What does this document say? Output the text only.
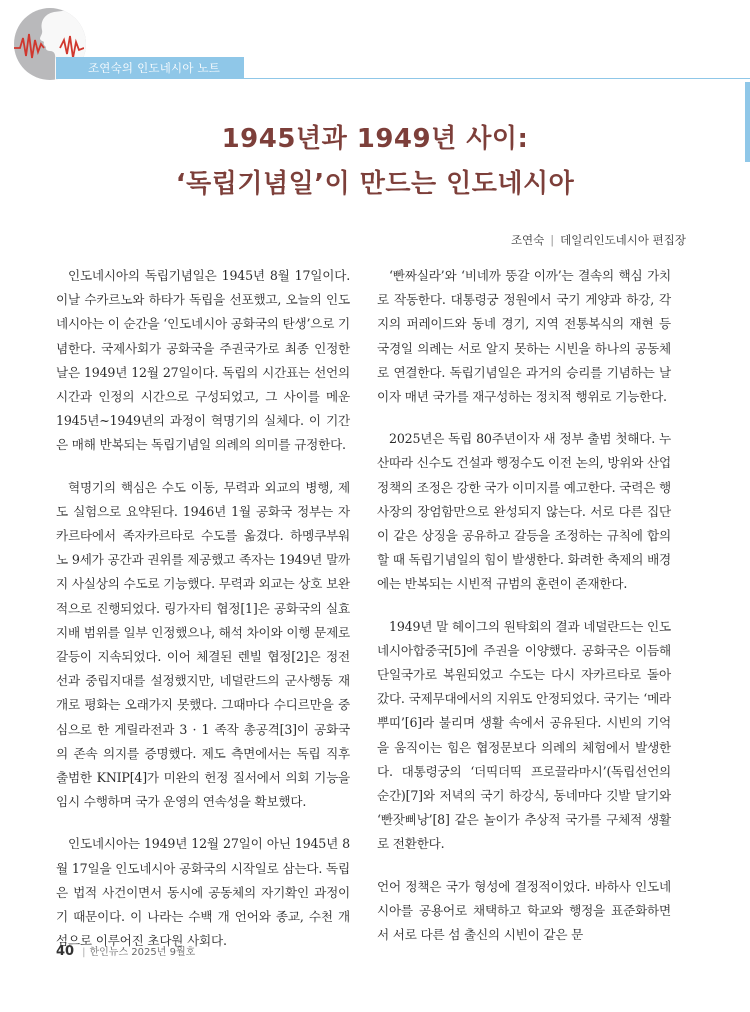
조연숙의 인도네시아 노트
1945년과 1949년 사이:
‘독립기념일’이 만드는 인도네시아
조연숙 | 데일리인도네시아 편집장

인도네시아의 독립기념일은 1945년 8월 17일이다. 이날 수카르노와 하타가 독립을 선포했고, 오늘의 인도네시아는 이 순간을 ‘인도네시아 공화국의 탄생’으로 기념한다. 국제사회가 공화국을 주권국가로 최종 인정한 날은 1949년 12월 27일이다. 독립의 시간표는 선언의 시간과 인정의 시간으로 구성되었고, 그 사이를 메운 1945년~1949년의 과정이 혁명기의 실체다. 이 기간은 매해 반복되는 독립기념일 의례의 의미를 규정한다.

혁명기의 핵심은 수도 이동, 무력과 외교의 병행, 제도 실험으로 요약된다. 1946년 1월 공화국 정부는 자카르타에서 족자카르타로 수도를 옮겼다. 하멩쿠부워노 9세가 공간과 권위를 제공했고 족자는 1949년 말까지 사실상의 수도로 기능했다. 무력과 외교는 상호 보완적으로 진행되었다. 링가자티 협정[1]은 공화국의 실효 지배 범위를 일부 인정했으나, 해석 차이와 이행 문제로 갈등이 지속되었다. 이어 체결된 렌빌 협정[2]은 정전선과 중립지대를 설정했지만, 네덜란드의 군사행동 재개로 평화는 오래가지 못했다. 그때마다 수디르만을 중심으로 한 게릴라전과 3 · 1 족작 총공격[3]이 공화국의 존속 의지를 증명했다. 제도 측면에서는 독립 직후 출범한 KNIP[4]가 미완의 헌정 질서에서 의회 기능을 임시 수행하며 국가 운영의 연속성을 확보했다.

인도네시아는 1949년 12월 27일이 아닌 1945년 8월 17일을 인도네시아 공화국의 시작일로 삼는다. 독립은 법적 사건이면서 동시에 공동체의 자기확인 과정이기 때문이다. 이 나라는 수백 개 언어와 종교, 수천 개 섬으로 이루어진 초다원 사회다.

‘빤짜실라’와 ‘비네까 뚱갈 이까’는 결속의 핵심 가치로 작동한다. 대통령궁 정원에서 국기 게양과 하강, 각지의 퍼레이드와 동네 경기, 지역 전통복식의 재현 등 국경일 의례는 서로 알지 못하는 시빈을 하나의 공동체로 연결한다. 독립기념일은 과거의 승리를 기념하는 날이자 매년 국가를 재구성하는 정치적 행위로 기능한다.

2025년은 독립 80주년이자 새 정부 출범 첫해다. 누산따라 신수도 건설과 행정수도 이전 논의, 방위와 산업 정책의 조정은 강한 국가 이미지를 예고한다. 국력은 행사장의 장엄함만으로 완성되지 않는다. 서로 다른 집단이 같은 상징을 공유하고 갈등을 조정하는 규칙에 합의할 때 독립기념일의 힘이 발생한다. 화려한 축제의 배경에는 반복되는 시빈적 규범의 훈련이 존재한다.

1949년 말 헤이그의 원탁회의 결과 네덜란드는 인도네시아합중국[5]에 주권을 이양했다. 공화국은 이듬해 단일국가로 복원되었고 수도는 다시 자카르타로 돌아갔다. 국제무대에서의 지위도 안정되었다. 국기는 ‘메라 뿌띠’[6]라 불리며 생활 속에서 공유된다. 시빈의 기억을 움직이는 힘은 협정문보다 의례의 체험에서 발생한다. 대통령궁의 ‘더띡더띡 프로끌라마시’(독립선언의 순간)[7]와 저녁의 국기 하강식, 동네마다 깃발 달기와 ‘빤잣삐낭’[8] 같은 놀이가 추상적 국가를 구체적 생활로 전환한다.

언어 정책은 국가 형성에 결정적이었다. 바하사 인도네시아를 공용어로 채택하고 학교와 행정을 표준화하면서 서로 다른 섬 출신의 시빈이 같은 문

40 | 한인뉴스 2025년 9월호
